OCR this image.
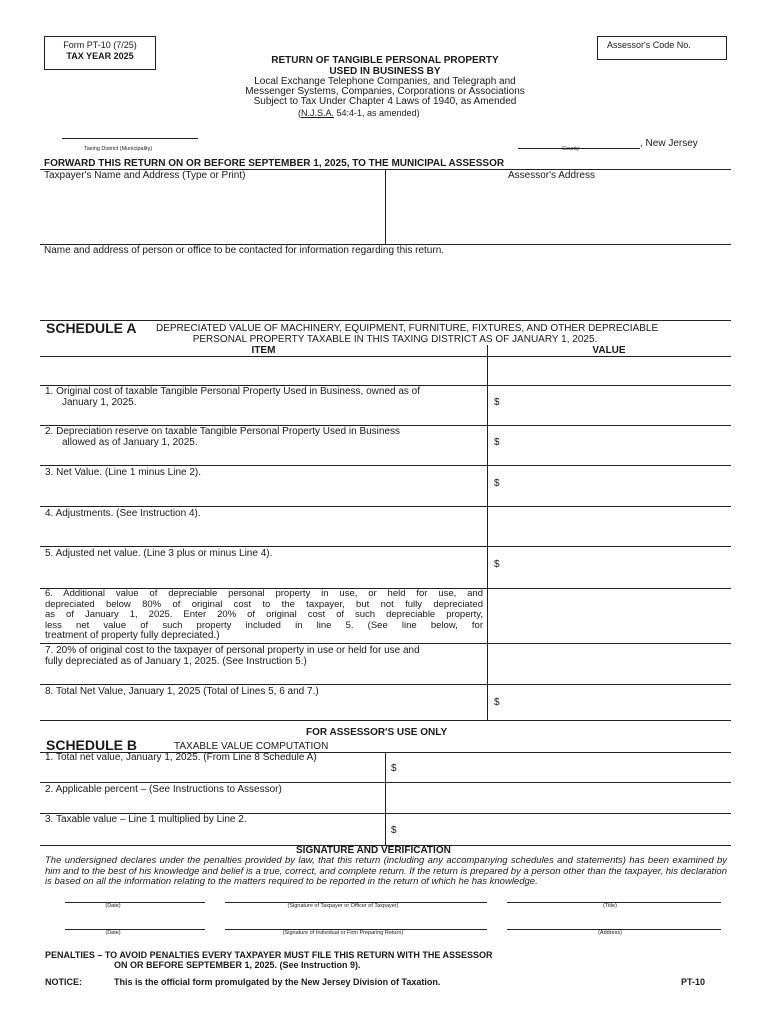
Form PT-10 (7/25)
TAX YEAR 2025
Assessor's Code No.
RETURN OF TANGIBLE PERSONAL PROPERTY
USED IN BUSINESS BY
Local Exchange Telephone Companies, and Telegraph and
Messenger Systems, Companies, Corporations or Associations
Subject to Tax Under Chapter 4 Laws of 1940, as Amended
(N.J.S.A. 54:4-1, as amended)
Taxing District (Municipality)	County	, New Jersey
FORWARD THIS RETURN ON OR BEFORE SEPTEMBER 1, 2025, TO THE MUNICIPAL ASSESSOR
Taxpayer's Name and Address (Type or Print)	Assessor's Address
Name and address of person or office to be contacted for information regarding this return.
SCHEDULE A DEPRECIATED VALUE OF MACHINERY, EQUIPMENT, FURNITURE, FIXTURES, AND OTHER DEPRECIABLE
PERSONAL PROPERTY TAXABLE IN THIS TAXING DISTRICT AS OF JANUARY 1, 2025.
ITEM	VALUE
1. Original cost of taxable Tangible Personal Property Used in Business, owned as of
January 1, 2025.	$
2. Depreciation reserve on taxable Tangible Personal Property Used in Business
allowed as of January 1, 2025.	$
3. Net Value. (Line 1 minus Line 2).
$
4. Adjustments. (See Instruction 4).
5. Adjusted net value. (Line 3 plus or minus Line 4).
$
6. Additional value of depreciable personal property in use, or held for use, and
depreciated below 80% of original cost to the taxpayer, but not fully depreciated
as of January 1, 2025. Enter 20% of original cost of such depreciable property,
less net value of such property included in line 5. (See line below, for
treatment of property fully depreciated.)
7. 20% of original cost to the taxpayer of personal property in use or held for use and
fully depreciated as of January 1, 2025. (See Instruction 5.)
8. Total Net Value, January 1, 2025 (Total of Lines 5, 6 and 7.)
$
FOR ASSESSOR'S USE ONLY
SCHEDULE B	TAXABLE VALUE COMPUTATION
1. Total net value, January 1, 2025. (From Line 8 Schedule A)
$
2. Applicable percent – (See Instructions to Assessor)
3. Taxable value – Line 1 multiplied by Line 2.
$
SIGNATURE AND VERIFICATION
The undersigned declares under the penalties provided by law, that this return (including any accompanying schedules and statements) has been examined by him and to the best of his knowledge and belief is a true, correct, and complete return. If the return is prepared by a person other than the taxpayer, his declaration is based on all the information relating to the matters required to be reported in the return of which he has knowledge.
(Date)	(Signature of Taxpayer or Officer of Taxpayer)	(Title)
(Date)	(Signature of Individual or Firm Preparing Return)	(Address)
PENALTIES – TO AVOID PENALTIES EVERY TAXPAYER MUST FILE THIS RETURN WITH THE ASSESSOR
ON OR BEFORE SEPTEMBER 1, 2025. (See Instruction 9).
NOTICE:	This is the official form promulgated by the New Jersey Division of Taxation.	PT-10
